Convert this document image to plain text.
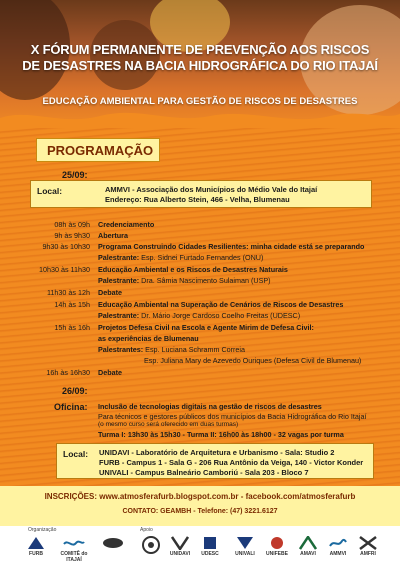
X FÓRUM PERMANENTE DE PREVENÇÃO AOS RISCOS
DE DESASTRES NA BACIA HIDROGRÁFICA DO RIO ITAJAÍ
EDUCAÇÃO AMBIENTAL PARA GESTÃO DE RISCOS DE DESASTRES
PROGRAMAÇÃO
25/09:
Local:	AMMVI - Associação dos Municípios do Médio Vale do Itajaí
Endereço: Rua Alberto Stein, 466 - Velha, Blumenau
08h às 09h Credenciamento
9h às 9h30 Abertura
9h30 às 10h30 Programa Construindo Cidades Resilientes: minha cidade está se preparando
Palestrante: Esp. Sidnei Furtado Fernandes (ONU)
10h30 às 11h30 Educação Ambiental e os Riscos de Desastres Naturais
Palestrante: Dra. Sâmia Nascimento Sulaiman (USP)
11h30 às 12h Debate
14h às 15h Educação Ambiental na Superação de Cenários de Riscos de Desastres
Palestrante: Dr. Mário Jorge Cardoso Coelho Freitas (UDESC)
15h às 16h Projetos Defesa Civil na Escola e Agente Mirim de Defesa Civil:
as experiências de Blumenau
Palestrantes: Esp. Luciana Schramm Correia
Esp. Juliana Mary de Azevedo Ouriques (Defesa Civil de Blumenau)
16h às 16h30 Debate
26/09:
Oficina: Inclusão de tecnologias digitais na gestão de riscos de desastres
Para técnicos e gestores públicos dos municípios da Bacia Hidrográfica do Rio Itajaí
(o mesmo curso será oferecido em duas turmas)
Turma I: 13h30 às 15h30 - Turma II: 16h00 às 18h00 - 32 vagas por turma
Local: UNIDAVI - Laboratório de Arquitetura e Urbanismo - Sala: Studio 2
FURB - Campus 1 - Sala G - 206 Rua Antônio da Veiga, 140 - Victor Konder
UNIVALI - Campus Balneário Camboriú - Sala 203 - Bloco 7
INSCRIÇÕES: www.atmosferafurb.blogspot.com.br - facebook.com/atmosferafurb
CONTATO: GEAMBH - Telefone: (47) 3221.6127
Organização	Apoio
FURB	COMITÊ do ITAJAÍ
UNIDAVI	UDESC	UNIVALI	UNIFEBE	AMAVI	AMMVI	AMFRI
